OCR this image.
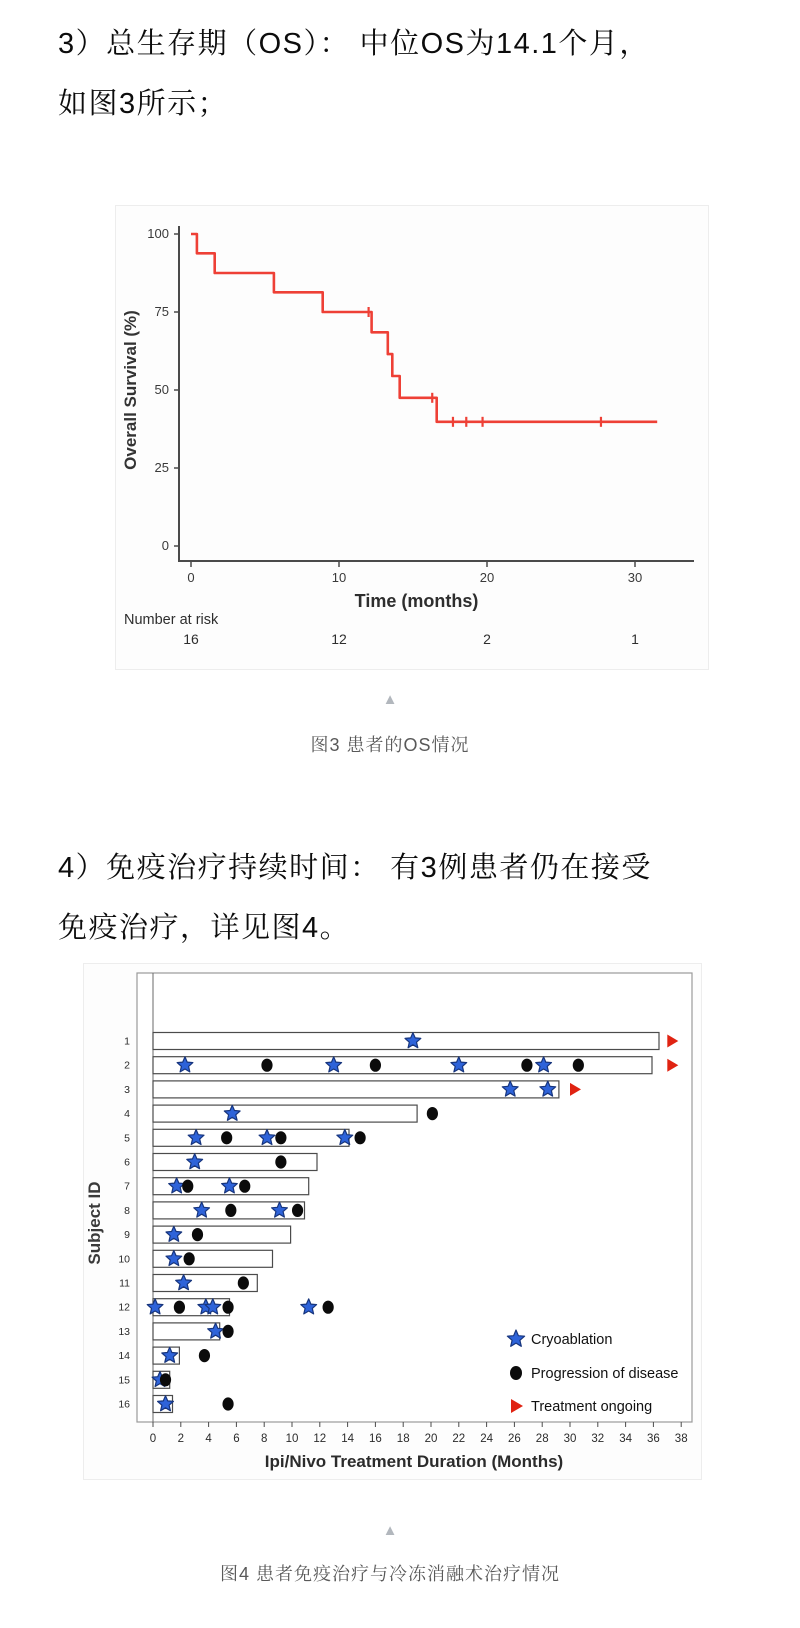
3）总生存期（OS）： 中位OS为14.1个月，
如图3所示；
0
25
50
75
100
0	10	20	30
Overall Survival (%)
Time (months)
Number at risk
16	12	2	1
▲
图3 患者的OS情况
4）免疫治疗持续时间： 有3例患者仍在接受
免疫治疗，详见图4。
0 2 4 6 8 10 12 14 16 18 20 22 24 26 28 30 32 34 36 38
Ipi/Nivo Treatment Duration (Months)
Subject ID
1
2
3
4
5
6
7
8
9
10
11
12
13
14
15
16
Cryoablation
Progression of disease
Treatment ongoing
▲
图4 患者免疫治疗与冷冻消融术治疗情况
